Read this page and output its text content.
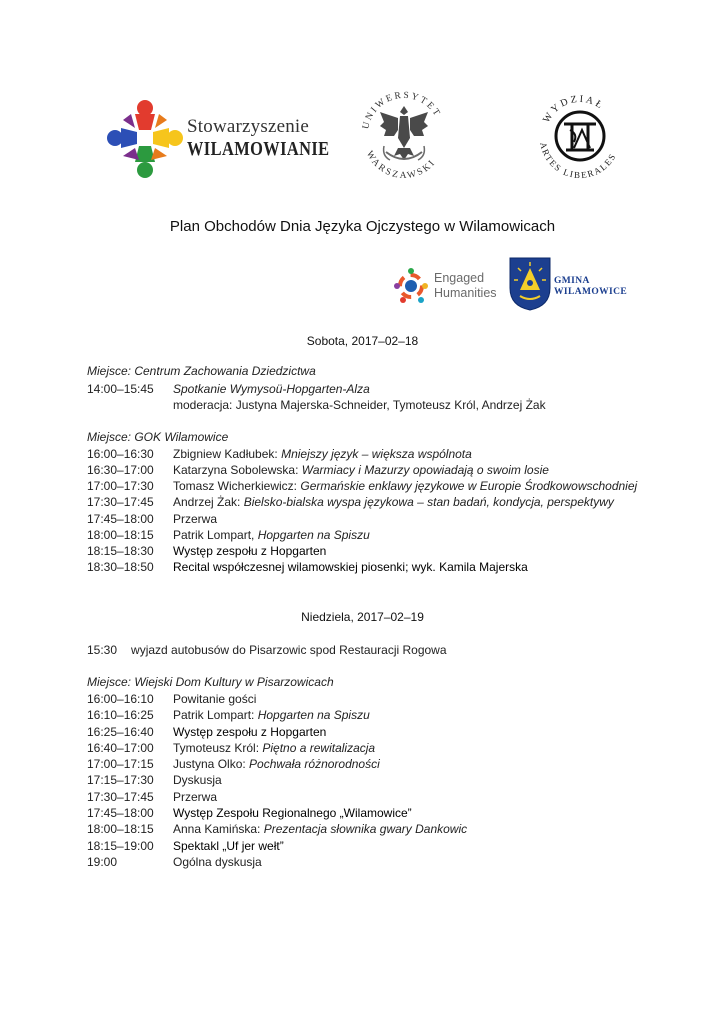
Stowarzyszenie
WILAMOWIANIE
UNIWERSYTET
WARSZAWSKI
WYDZIAŁ
ARTES LIBERALES
Plan Obchodów Dnia Języka Ojczystego w Wilamowicach
Engaged
Humanities
GMINA
WILAMOWICE
Sobota, 2017–02–18
Miejsce: Centrum Zachowania Dziedzictwa
14:00–15:45 Spotkanie Wymysoü-Hopgarten-Alza
moderacja: Justyna Majerska-Schneider, Tymoteusz Król, Andrzej Żak
Miejsce: GOK Wilamowice
16:00–16:30 Zbigniew Kadłubek: Mniejszy język – większa wspólnota
16:30–17:00 Katarzyna Sobolewska: Warmiacy i Mazurzy opowiadają o swoim losie
17:00–17:30 Tomasz Wicherkiewicz: Germańskie enklawy językowe w Europie Środkowowschodniej
17:30–17:45 Andrzej Żak: Bielsko-bialska wyspa językowa – stan badań, kondycja, perspektywy
17:45–18:00 Przerwa
18:00–18:15 Patrik Lompart, Hopgarten na Spiszu
18:15–18:30 Występ zespołu z Hopgarten
18:30–18:50 Recital współczesnej wilamowskiej piosenki; wyk. Kamila Majerska
Niedziela, 2017–02–19
15:30 wyjazd autobusów do Pisarzowic spod Restauracji Rogowa
Miejsce: Wiejski Dom Kultury w Pisarzowicach
16:00–16:10 Powitanie gości
16:10–16:25 Patrik Lompart: Hopgarten na Spiszu
16:25–16:40 Występ zespołu z Hopgarten
16:40–17:00 Tymoteusz Król: Piętno a rewitalizacja
17:00–17:15 Justyna Olko: Pochwała różnorodności
17:15–17:30 Dyskusja
17:30–17:45 Przerwa
17:45–18:00 Występ Zespołu Regionalnego „Wilamowice”
18:00–18:15 Anna Kamińska: Prezentacja słownika gwary Dankowic
18:15–19:00 Spektakl „Uf jer wełt”
19:00	Ogólna dyskusja
